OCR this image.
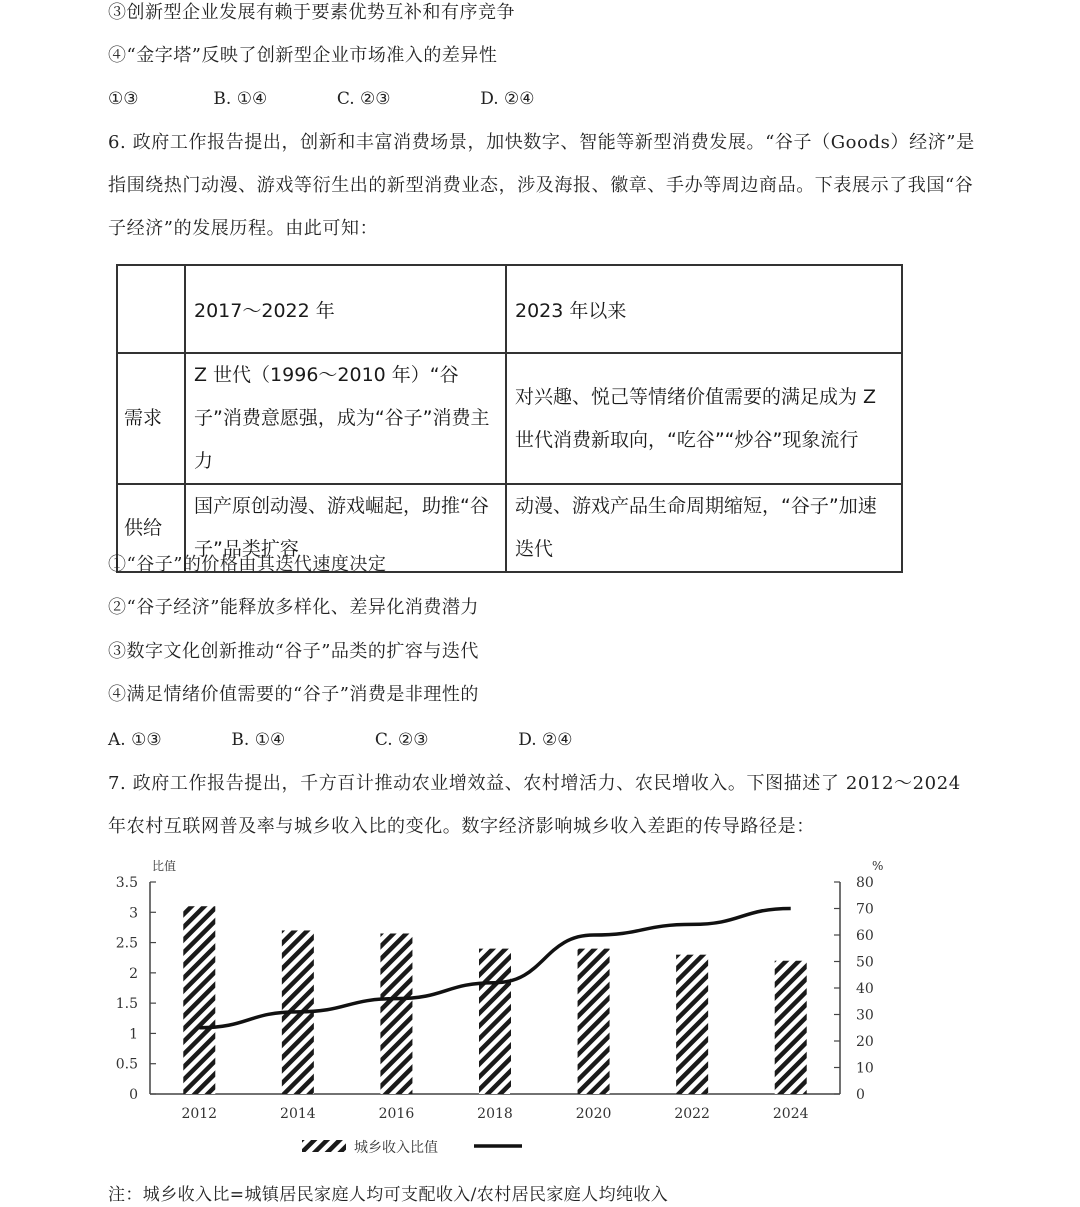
③创新型企业发展有赖于要素优势互补和有序竞争
④“金字塔”反映了创新型企业市场准入的差异性
①③	B. ①④	C. ②③	D. ②④
6. 政府工作报告提出，创新和丰富消费场景，加快数字、智能等新型消费发展。“谷子（Goods）经济”是指围绕热门动漫、游戏等衍生出的新型消费业态，涉及海报、徽章、手办等周边商品。下表展示了我国“谷子经济”的发展历程。由此可知：
	2017～2022 年	2023 年以来
需求	Z 世代（1996～2010 年）“谷子”消费意愿强，成为“谷子”消费主力	对兴趣、悦己等情绪价值需要的满足成为 Z 世代消费新取向，“吃谷”“炒谷”现象流行
供给	国产原创动漫、游戏崛起，助推“谷子”品类扩容	动漫、游戏产品生命周期缩短，“谷子”加速迭代
①“谷子”的价格由其迭代速度决定
②“谷子经济”能释放多样化、差异化消费潜力
③数字文化创新推动“谷子”品类的扩容与迭代
④满足情绪价值需要的“谷子”消费是非理性的
A. ①③	B. ①④	C. ②③	D. ②④
7. 政府工作报告提出，千方百计推动农业增效益、农村增活力、农民增收入。下图描述了 2012～2024 年农村互联网普及率与城乡收入比的变化。数字经济影响城乡收入差距的传导路径是：
0
0.5
1
1.5
2
2.5
3
3.5
0
10
20
30
40
50
60
70
80
比值	%
2012	2014	2016	2018	2020	2022	2024
城乡收入比值
注：城乡收入比=城镇居民家庭人均可支配收入/农村居民家庭人均纯收入
